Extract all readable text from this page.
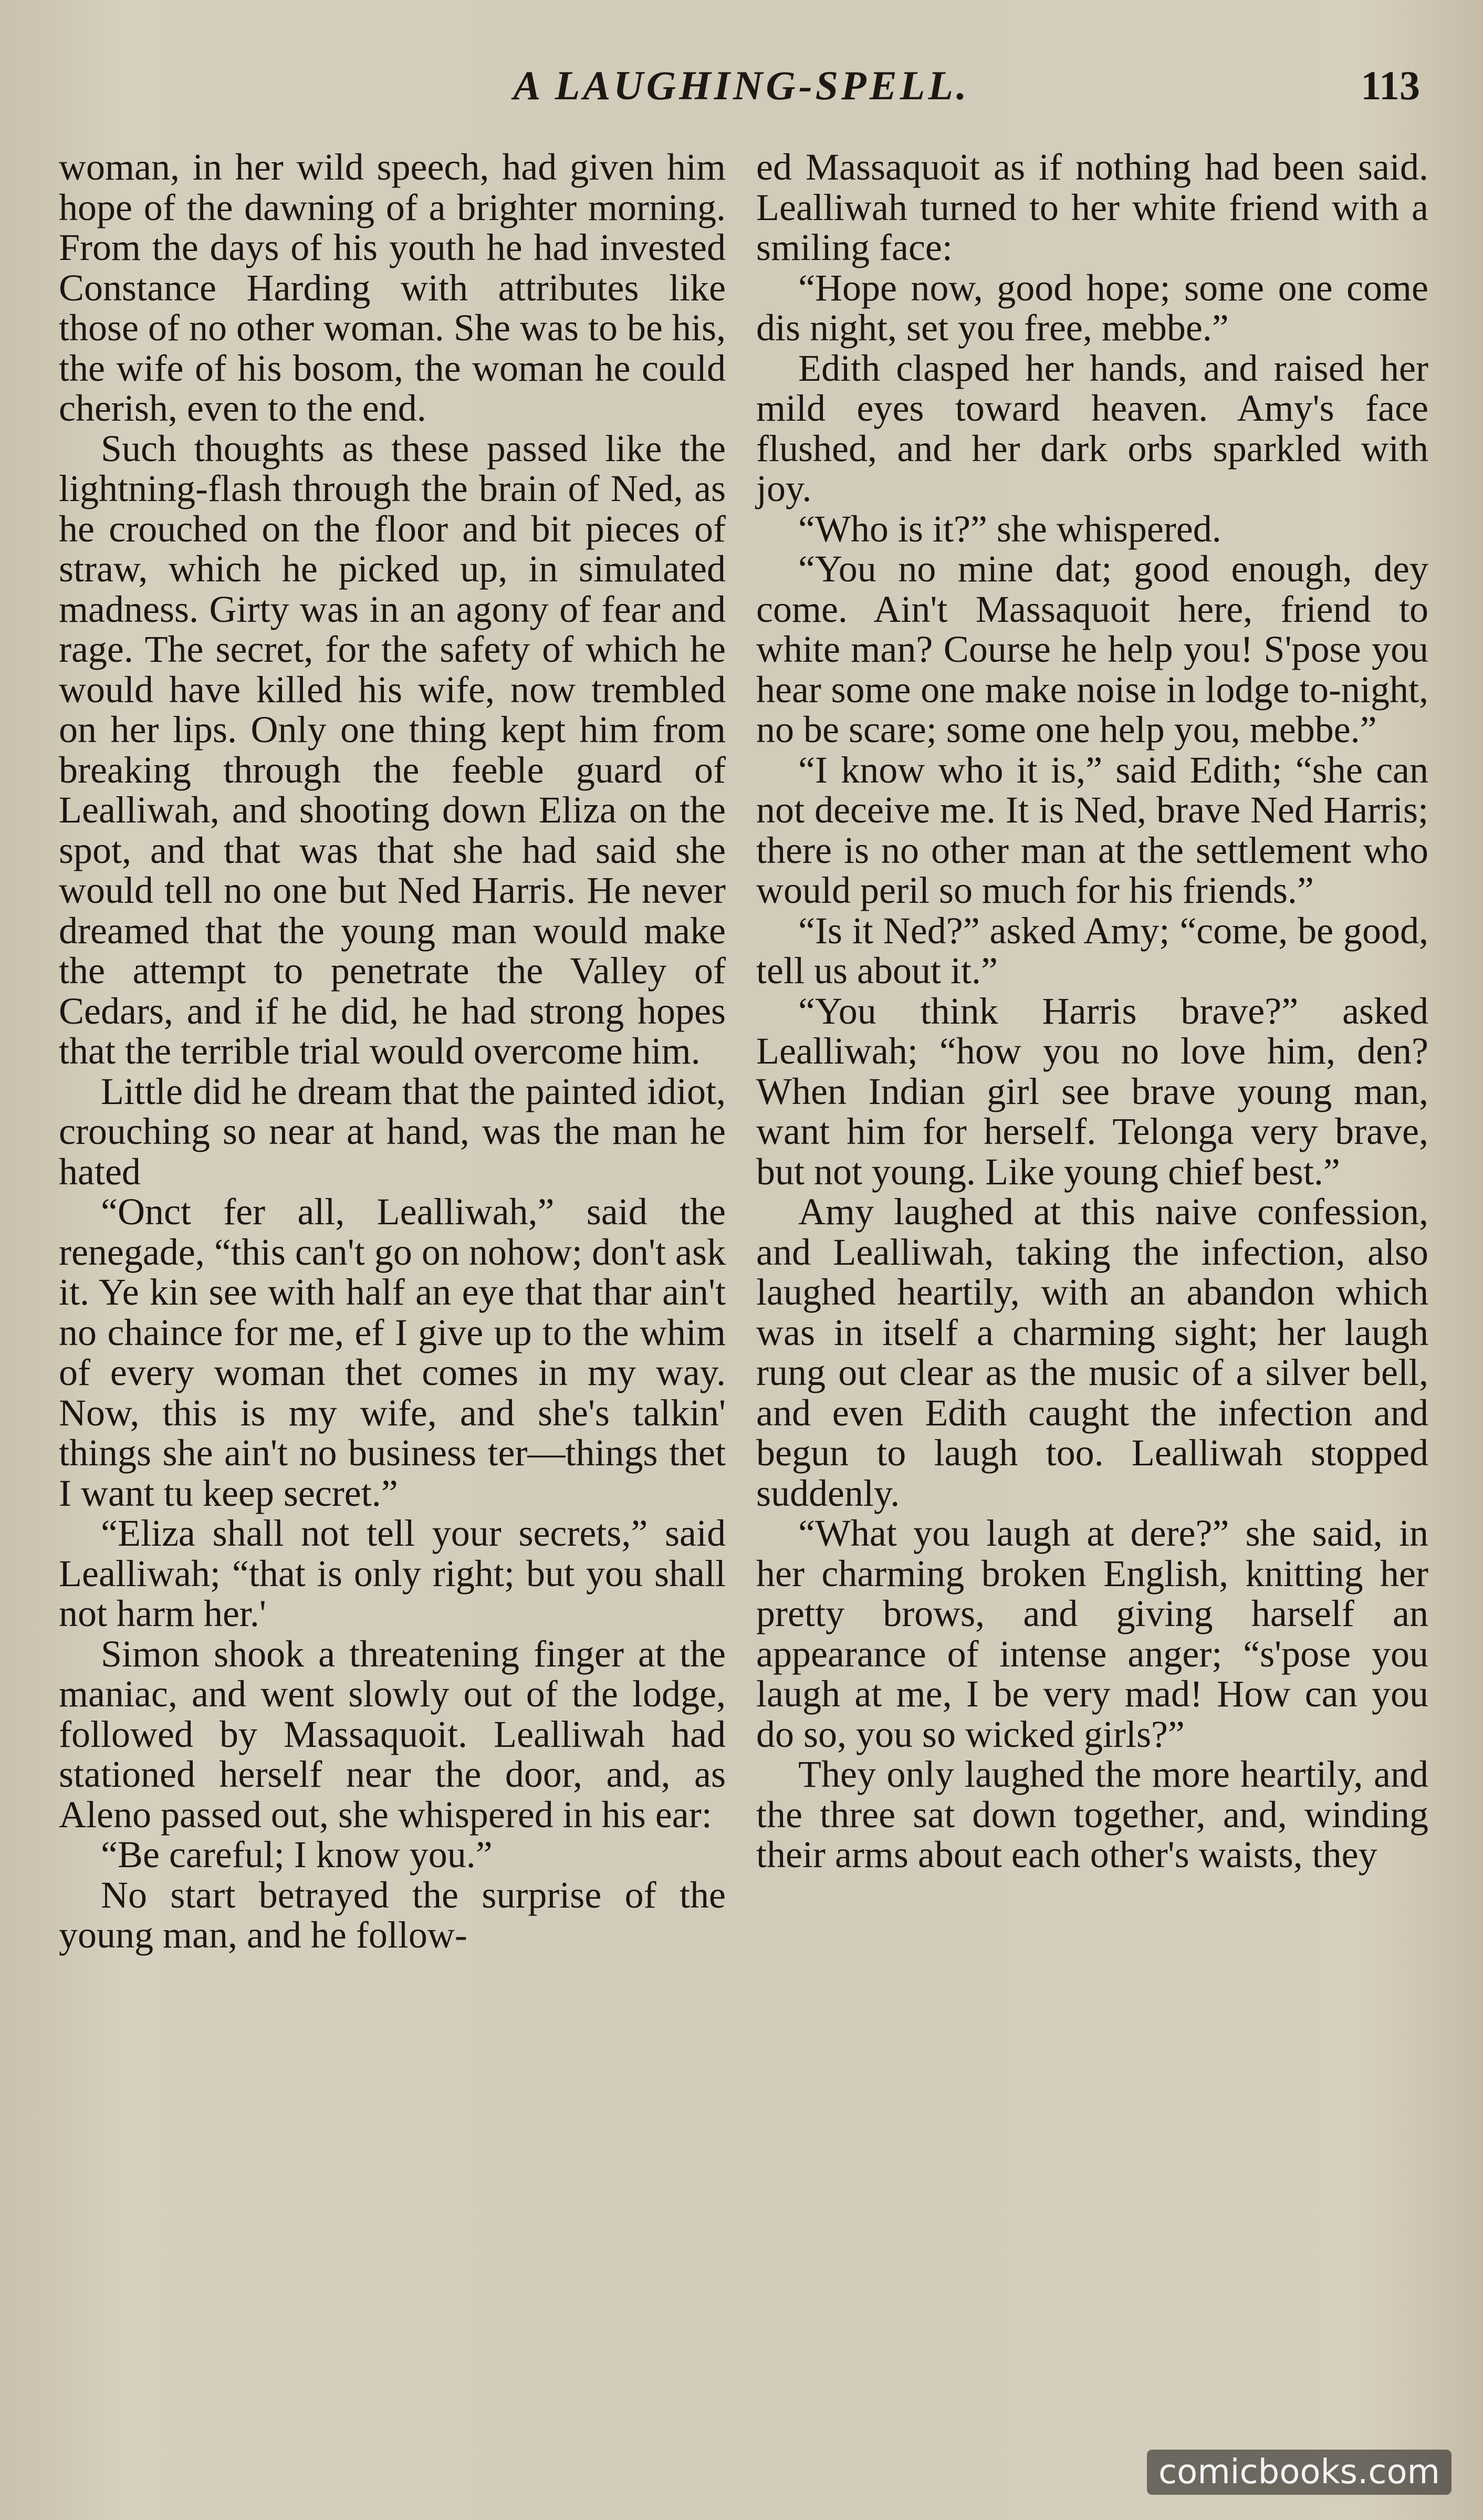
A LAUGHING-SPELL.	113

woman, in her wild speech, had given him hope of the dawning of a brighter morning. From the days of his youth he had invested Constance Harding with attributes like those of no other woman. She was to be his, the wife of his bosom, the woman he could cherish, even to the end.

Such thoughts as these passed like the lightning-flash through the brain of Ned, as he crouched on the floor and bit pieces of straw, which he picked up, in simulated madness. Girty was in an agony of fear and rage. The secret, for the safety of which he would have killed his wife, now trembled on her lips. Only one thing kept him from breaking through the feeble guard of Lealliwah, and shooting down Eliza on the spot, and that was that she had said she would tell no one but Ned Harris. He never dreamed that the young man would make the attempt to penetrate the Valley of Cedars, and if he did, he had strong hopes that the terrible trial would overcome him.

Little did he dream that the painted idiot, crouching so near at hand, was the man he hated

“Onct fer all, Lealliwah,” said the renegade, “this can't go on nohow; don't ask it. Ye kin see with half an eye that thar ain't no chaince for me, ef I give up to the whim of every woman thet comes in my way. Now, this is my wife, and she's talkin' things she ain't no business ter—things thet I want tu keep secret.”

“Eliza shall not tell your secrets,” said Lealliwah; “that is only right; but you shall not harm her.'

Simon shook a threatening finger at the maniac, and went slowly out of the lodge, followed by Massaquoit. Lealliwah had stationed herself near the door, and, as Aleno passed out, she whispered in his ear:

“Be careful; I know you.”

No start betrayed the surprise of the young man, and he follow-

ed Massaquoit as if nothing had been said. Lealliwah turned to her white friend with a smiling face:

“Hope now, good hope; some one come dis night, set you free, mebbe.”

Edith clasped her hands, and raised her mild eyes toward heaven. Amy's face flushed, and her dark orbs sparkled with joy.

“Who is it?” she whispered.

“You no mine dat; good enough, dey come. Ain't Massaquoit here, friend to white man? Course he help you! S'pose you hear some one make noise in lodge to-night, no be scare; some one help you, mebbe.”

“I know who it is,” said Edith; “she can not deceive me. It is Ned, brave Ned Harris; there is no other man at the settlement who would peril so much for his friends.”

“Is it Ned?” asked Amy; “come, be good, tell us about it.”

“You think Harris brave?” asked Lealliwah; “how you no love him, den? When Indian girl see brave young man, want him for herself. Telonga very brave, but not young. Like young chief best.”

Amy laughed at this naive confession, and Lealliwah, taking the infection, also laughed heartily, with an abandon which was in itself a charming sight; her laugh rung out clear as the music of a silver bell, and even Edith caught the infection and begun to laugh too. Lealliwah stopped suddenly.

“What you laugh at dere?” she said, in her charming broken English, knitting her pretty brows, and giving harself an appearance of intense anger; “s'pose you laugh at me, I be very mad! How can you do so, you so wicked girls?”

They only laughed the more heartily, and the three sat down together, and, winding their arms about each other's waists, they

comicbooks.com
